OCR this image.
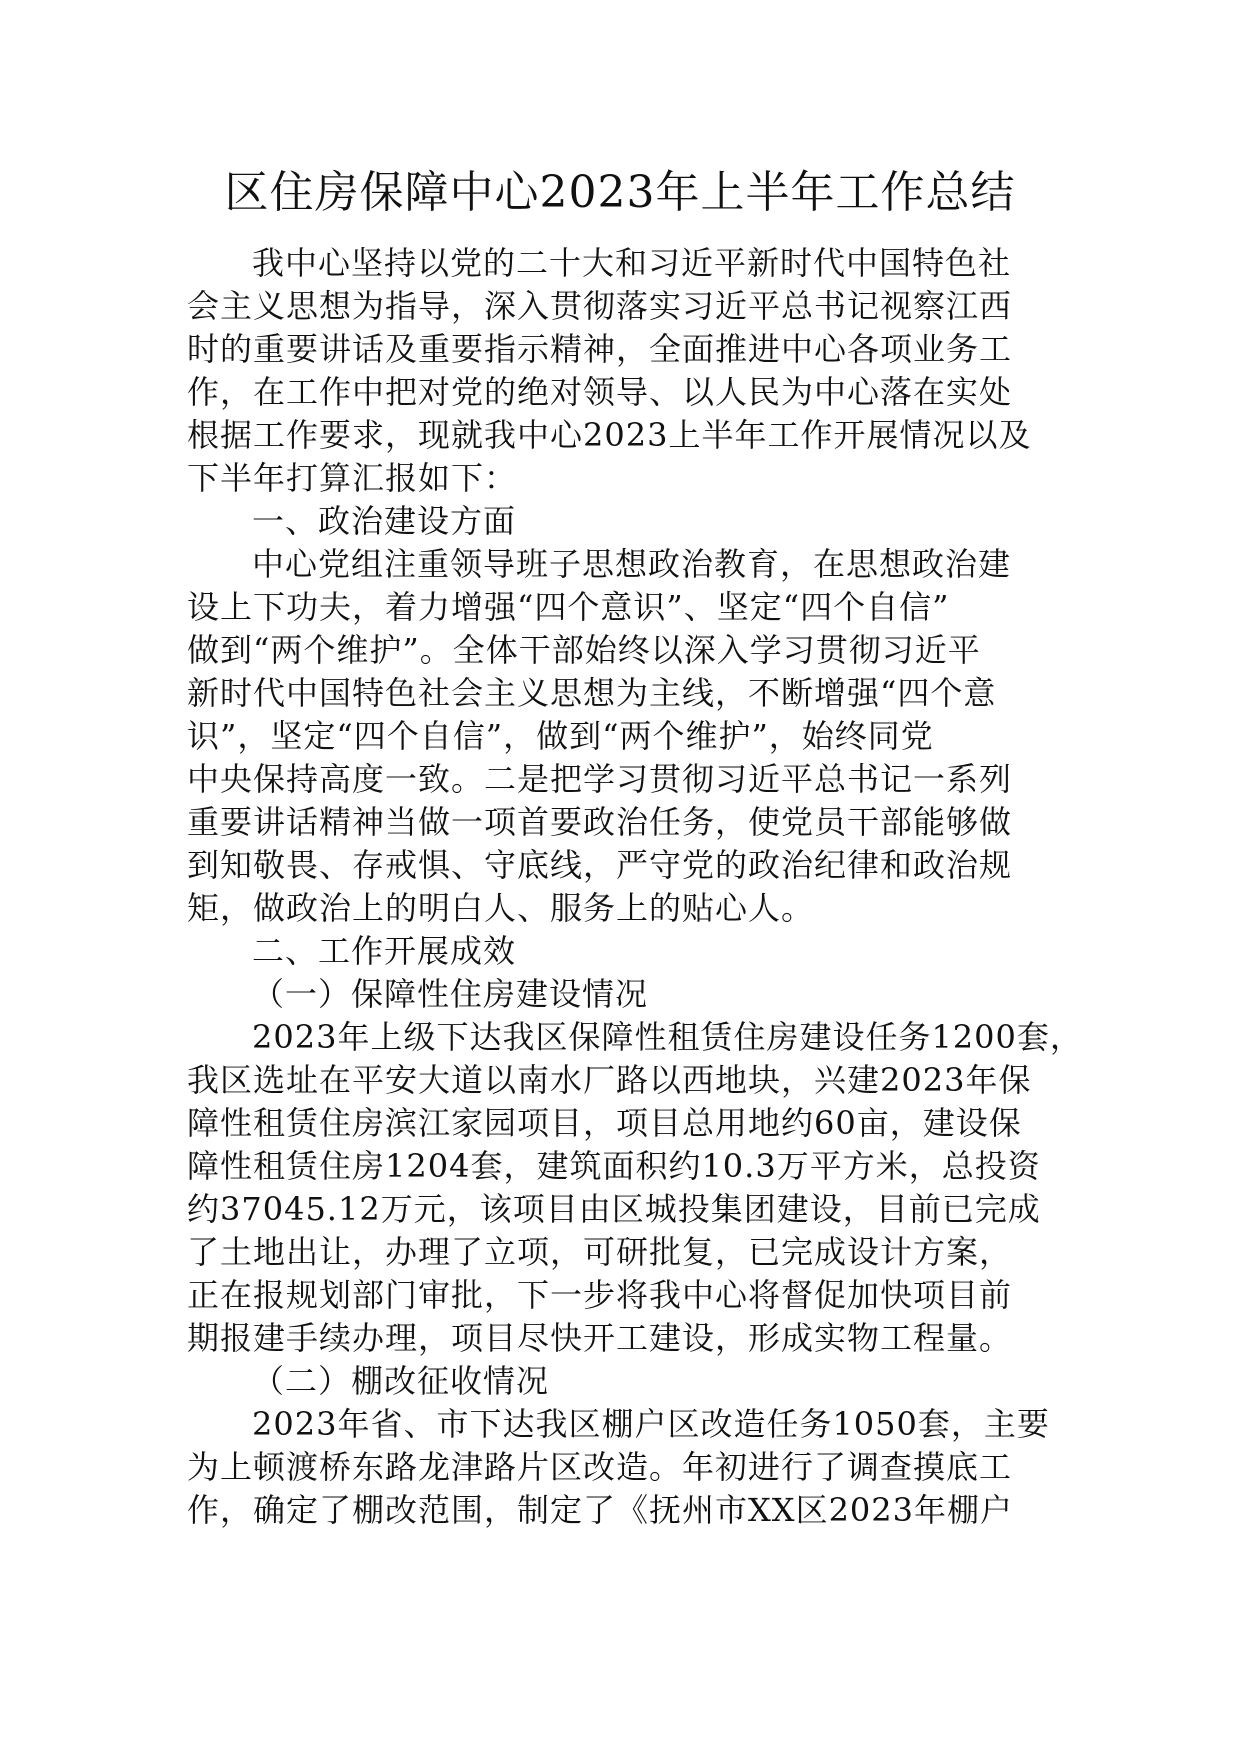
区住房保障中心2023年上半年工作总结
我中心坚持以党的二十大和习近平新时代中国特色社
会主义思想为指导，深入贯彻落实习近平总书记视察江西
时的重要讲话及重要指示精神，全面推进中心各项业务工
作，在工作中把对党的绝对领导、以人民为中心落在实处
根据工作要求，现就我中心2023上半年工作开展情况以及
下半年打算汇报如下：
一、政治建设方面
中心党组注重领导班子思想政治教育，在思想政治建
设上下功夫，着力增强“四个意识”、坚定“四个自信”
做到“两个维护”。全体干部始终以深入学习贯彻习近平
新时代中国特色社会主义思想为主线，不断增强“四个意
识”，坚定“四个自信”，做到“两个维护”，始终同党
中央保持高度一致。二是把学习贯彻习近平总书记一系列
重要讲话精神当做一项首要政治任务，使党员干部能够做
到知敬畏、存戒惧、守底线，严守党的政治纪律和政治规
矩，做政治上的明白人、服务上的贴心人。
二、工作开展成效
（一）保障性住房建设情况
2023年上级下达我区保障性租赁住房建设任务1200套，
我区选址在平安大道以南水厂路以西地块，兴建2023年保
障性租赁住房滨江家园项目，项目总用地约60亩，建设保
障性租赁住房1204套，建筑面积约10.3万平方米，总投资
约37045.12万元，该项目由区城投集团建设，目前已完成
了土地出让，办理了立项，可研批复，已完成设计方案，
正在报规划部门审批，下一步将我中心将督促加快项目前
期报建手续办理，项目尽快开工建设，形成实物工程量。
（二）棚改征收情况
2023年省、市下达我区棚户区改造任务1050套，主要
为上顿渡桥东路龙津路片区改造。年初进行了调查摸底工
作，确定了棚改范围，制定了《抚州市XX区2023年棚户
